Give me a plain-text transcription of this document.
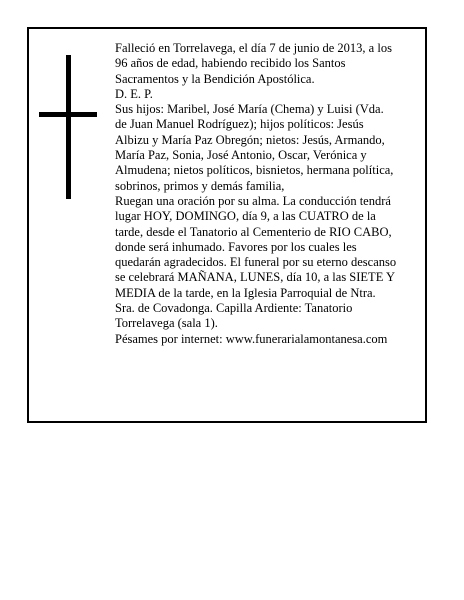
Falleció en Torrelavega, el día 7 de junio de 2013, a los

96 años de edad, habiendo recibido los Santos

Sacramentos y la Bendición Apostólica.

D. E. P.

Sus hijos: Maribel, José María (Chema) y Luisi (Vda.

de Juan Manuel Rodríguez); hijos políticos: Jesús

Albizu y María Paz Obregón; nietos: Jesús, Armando,

María Paz, Sonia, José Antonio, Oscar, Verónica y

Almudena; nietos políticos, bisnietos, hermana política,

sobrinos, primos y demás familia,

Ruegan una oración por su alma. La conducción tendrá

lugar HOY, DOMINGO, día 9, a las CUATRO de la

tarde, desde el Tanatorio al Cementerio de RIO CABO,

donde será inhumado. Favores por los cuales les

quedarán agradecidos. El funeral por su eterno descanso

se celebrará MAÑANA, LUNES, día 10, a las SIETE Y

MEDIA de la tarde, en la Iglesia Parroquial de Ntra.

Sra. de Covadonga. Capilla Ardiente: Tanatorio

Torrelavega (sala 1).

Pésames por internet: www.funerarialamontanesa.com
